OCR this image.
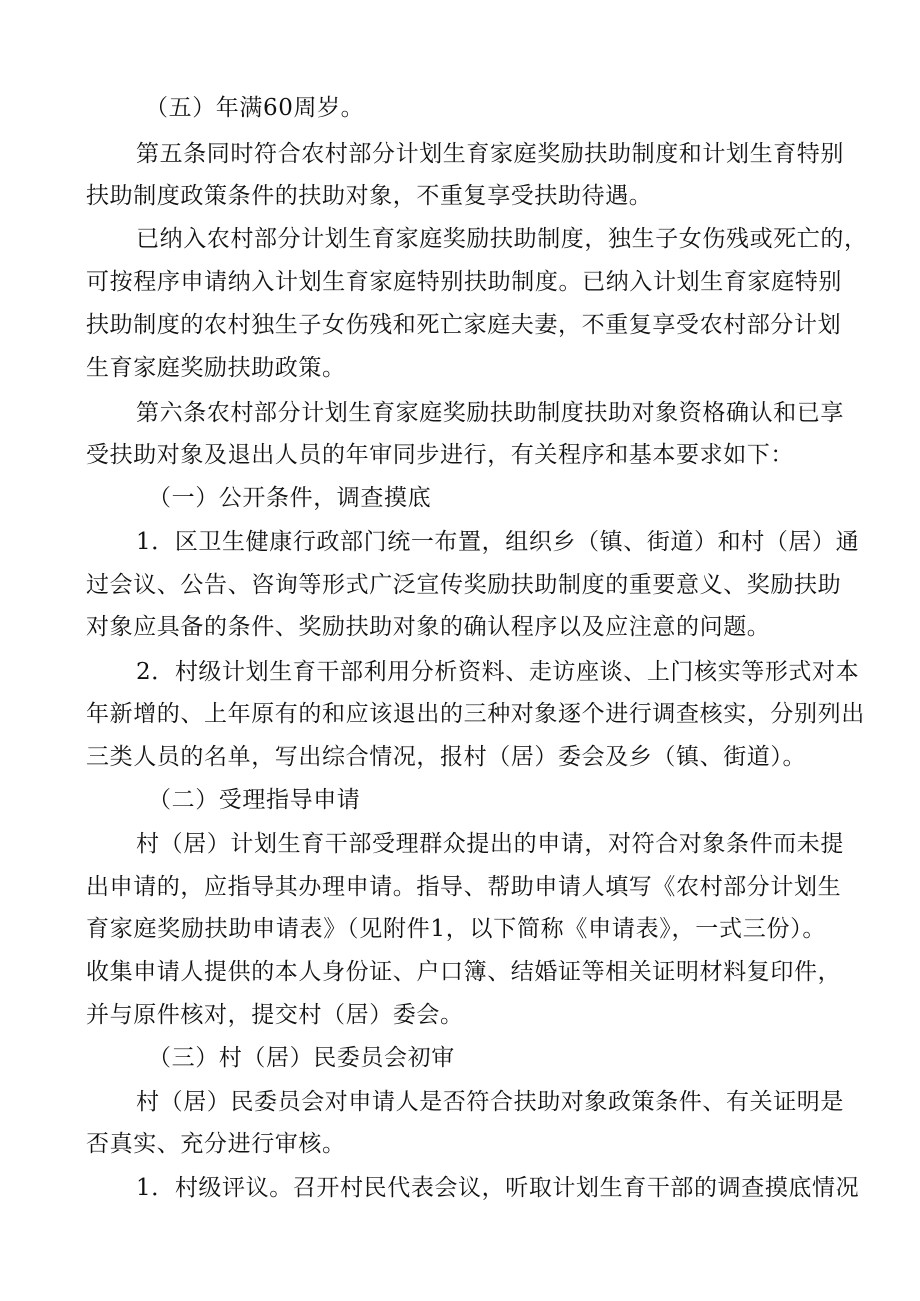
（五）年满60周岁。
第五条同时符合农村部分计划生育家庭奖励扶助制度和计划生育特别
扶助制度政策条件的扶助对象，不重复享受扶助待遇。
已纳入农村部分计划生育家庭奖励扶助制度，独生子女伤残或死亡的，
可按程序申请纳入计划生育家庭特别扶助制度。已纳入计划生育家庭特别
扶助制度的农村独生子女伤残和死亡家庭夫妻，不重复享受农村部分计划
生育家庭奖励扶助政策。
第六条农村部分计划生育家庭奖励扶助制度扶助对象资格确认和已享
受扶助对象及退出人员的年审同步进行，有关程序和基本要求如下：
（一）公开条件，调查摸底
1．区卫生健康行政部门统一布置，组织乡（镇、街道）和村（居）通
过会议、公告、咨询等形式广泛宣传奖励扶助制度的重要意义、奖励扶助
对象应具备的条件、奖励扶助对象的确认程序以及应注意的问题。
2．村级计划生育干部利用分析资料、走访座谈、上门核实等形式对本
年新增的、上年原有的和应该退出的三种对象逐个进行调查核实，分别列出
三类人员的名单，写出综合情况，报村（居）委会及乡（镇、街道）。
（二）受理指导申请
村（居）计划生育干部受理群众提出的申请，对符合对象条件而未提
出申请的，应指导其办理申请。指导、帮助申请人填写《农村部分计划生
育家庭奖励扶助申请表》（见附件1，以下简称《申请表》，一式三份）。
收集申请人提供的本人身份证、户口簿、结婚证等相关证明材料复印件，
并与原件核对，提交村（居）委会。
（三）村（居）民委员会初审
村（居）民委员会对申请人是否符合扶助对象政策条件、有关证明是
否真实、充分进行审核。
1．村级评议。召开村民代表会议，听取计划生育干部的调查摸底情况
